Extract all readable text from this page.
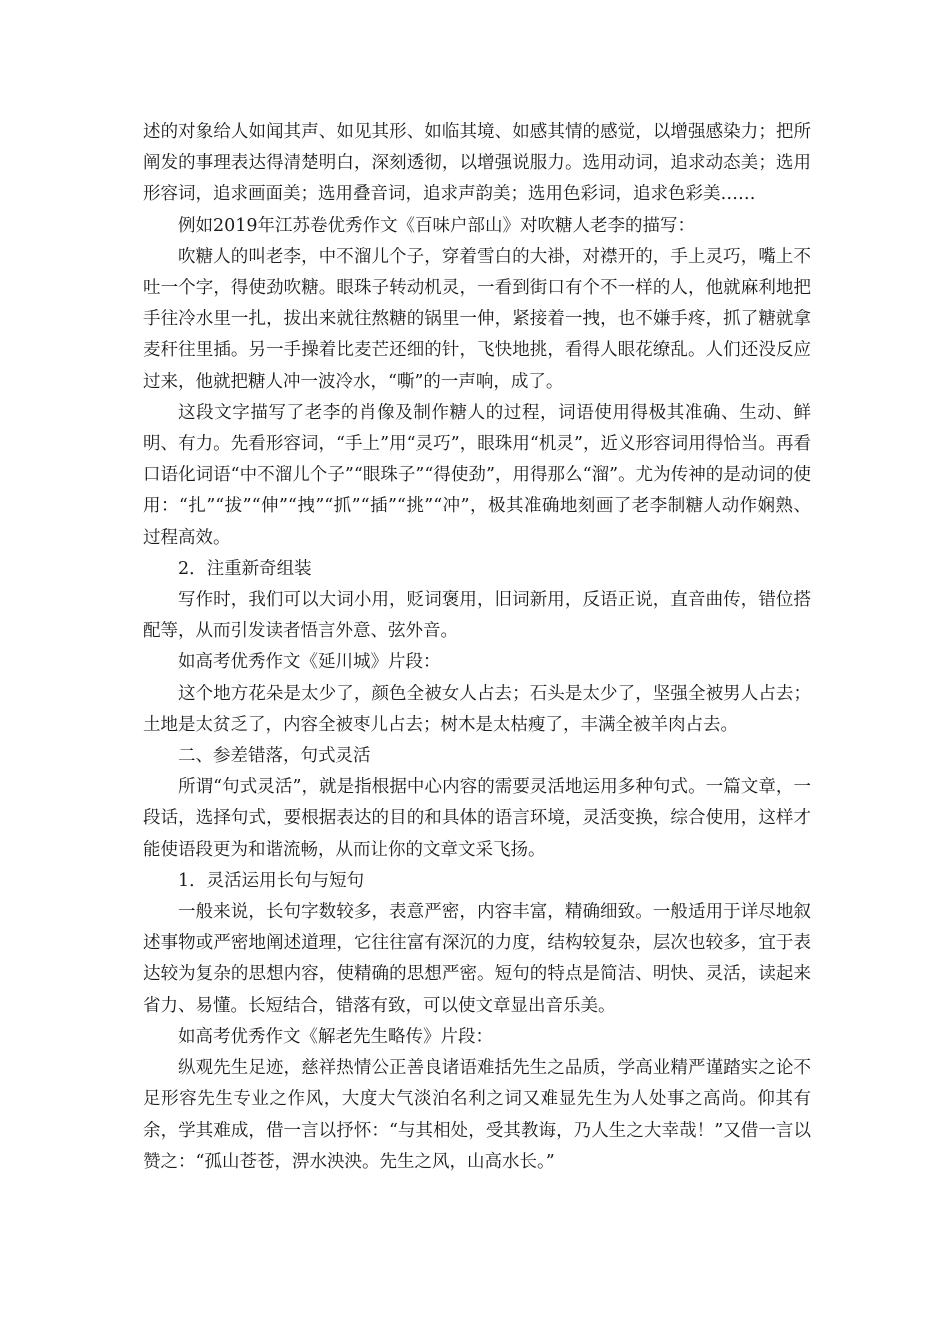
述的对象给人如闻其声、如见其形、如临其境、如感其情的感觉，以增强感染力；把所阐发的事理表达得清楚明白，深刻透彻，以增强说服力。选用动词，追求动态美；选用形容词，追求画面美；选用叠音词，追求声韵美；选用色彩词，追求色彩美……

例如2019年江苏卷优秀作文《百味户部山》对吹糖人老李的描写：

吹糖人的叫老李，中不溜儿个子，穿着雪白的大褂，对襟开的，手上灵巧，嘴上不吐一个字，得使劲吹糖。眼珠子转动机灵，一看到街口有个不一样的人，他就麻利地把手往冷水里一扎，拔出来就往熬糖的锅里一伸，紧接着一拽，也不嫌手疼，抓了糖就拿麦秆往里插。另一手操着比麦芒还细的针，飞快地挑，看得人眼花缭乱。人们还没反应过来，他就把糖人冲一波冷水，“嘶”的一声响，成了。

这段文字描写了老李的肖像及制作糖人的过程，词语使用得极其准确、生动、鲜明、有力。先看形容词，“手上”用“灵巧”，眼珠用“机灵”，近义形容词用得恰当。再看口语化词语“中不溜儿个子”“眼珠子”“得使劲”，用得那么“溜”。尤为传神的是动词的使用：“扎”“拔”“伸”“拽”“抓”“插”“挑”“冲”，极其准确地刻画了老李制糖人动作娴熟、过程高效。

2．注重新奇组装

写作时，我们可以大词小用，贬词褒用，旧词新用，反语正说，直音曲传，错位搭配等，从而引发读者悟言外意、弦外音。

如高考优秀作文《延川城》片段：

这个地方花朵是太少了，颜色全被女人占去；石头是太少了，坚强全被男人占去；土地是太贫乏了，内容全被枣儿占去；树木是太枯瘦了，丰满全被羊肉占去。

二、参差错落，句式灵活

所谓“句式灵活”，就是指根据中心内容的需要灵活地运用多种句式。一篇文章，一段话，选择句式，要根据表达的目的和具体的语言环境，灵活变换，综合使用，这样才能使语段更为和谐流畅，从而让你的文章文采飞扬。

1．灵活运用长句与短句

一般来说，长句字数较多，表意严密，内容丰富，精确细致。一般适用于详尽地叙述事物或严密地阐述道理，它往往富有深沉的力度，结构较复杂，层次也较多，宜于表达较为复杂的思想内容，使精确的思想严密。短句的特点是简洁、明快、灵活，读起来省力、易懂。长短结合，错落有致，可以使文章显出音乐美。

如高考优秀作文《解老先生略传》片段：

纵观先生足迹，慈祥热情公正善良诸语难括先生之品质，学高业精严谨踏实之论不足形容先生专业之作风，大度大气淡泊名利之词又难显先生为人处事之高尚。仰其有余，学其难成，借一言以抒怀：“与其相处，受其教诲，乃人生之大幸哉！”又借一言以赞之：“孤山苍苍，淠水泱泱。先生之风，山高水长。”
